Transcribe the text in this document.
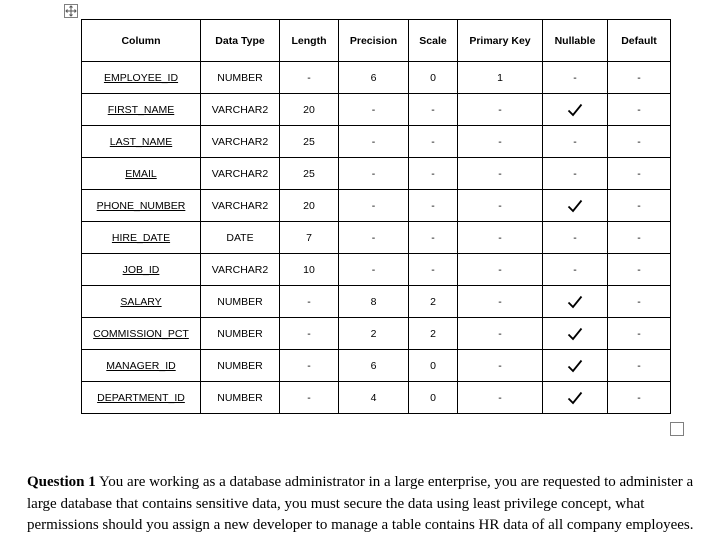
Column	Data Type	Length	Precision	Scale	Primary Key	Nullable	Default
EMPLOYEE_ID	NUMBER	-	6	0	1	-	-
FIRST_NAME	VARCHAR2	20	-	-	-		-
LAST_NAME	VARCHAR2	25	-	-	-	-	-
EMAIL	VARCHAR2	25	-	-	-	-	-
PHONE_NUMBER	VARCHAR2	20	-	-	-		-
HIRE_DATE	DATE	7	-	-	-	-	-
JOB_ID	VARCHAR2	10	-	-	-	-	-
SALARY	NUMBER	-	8	2	-		-
COMMISSION_PCT	NUMBER	-	2	2	-		-
MANAGER_ID	NUMBER	-	6	0	-		-
DEPARTMENT_ID	NUMBER	-	4	0	-		-
Question 1 You are working as a database administrator in a large enterprise, you are requested to administer a large database that contains sensitive data, you must secure the data using least privilege concept, what permissions should you assign a new developer to manage a table contains HR data of all company employees.
